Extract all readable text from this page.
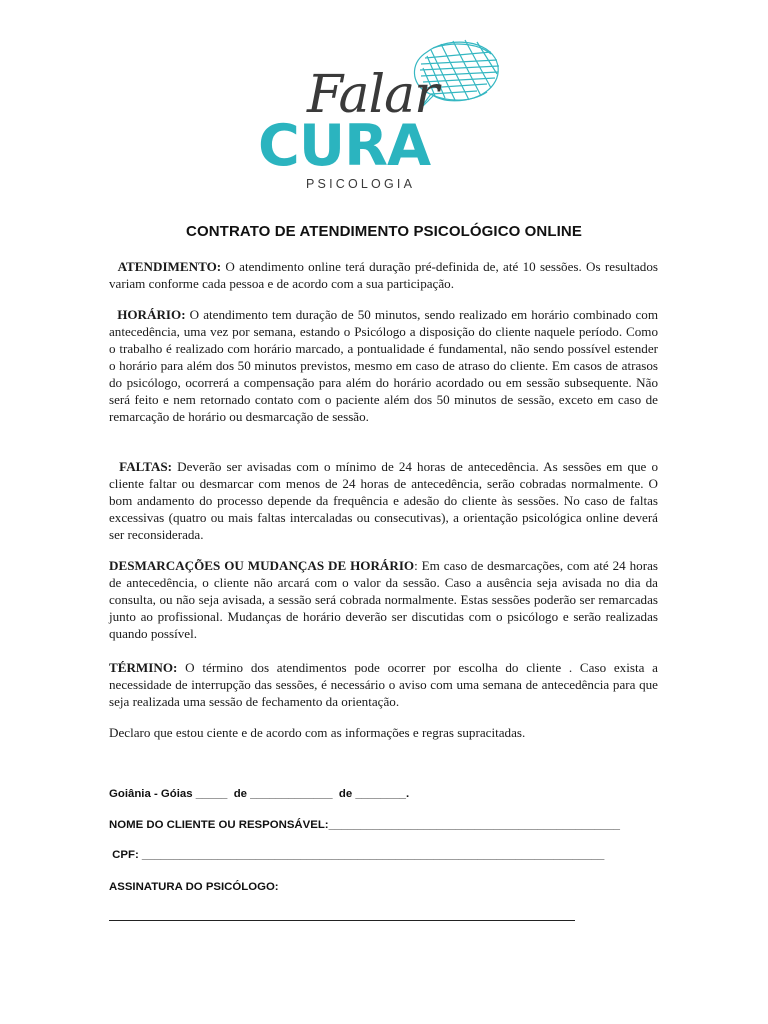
Falar
CURA
PSICOLOGIA
CONTRATO DE ATENDIMENTO PSICOLÓGICO ONLINE

ATENDIMENTO: O atendimento online terá duração pré-definida de, até 10 sessões. Os resultados variam conforme cada pessoa e de acordo com a sua participação.

HORÁRIO: O atendimento tem duração de 50 minutos, sendo realizado em horário combinado com antecedência, uma vez por semana, estando o Psicólogo a disposição do cliente naquele período. Como o trabalho é realizado com horário marcado, a pontualidade é fundamental, não sendo possível estender o horário para além dos 50 minutos previstos, mesmo em caso de atraso do cliente. Em casos de atrasos do psicólogo, ocorrerá a compensação para além do horário acordado ou em sessão subsequente. Não será feito e nem retornado contato com o paciente além dos 50 minutos de sessão, exceto em caso de remarcação de horário ou desmarcação de sessão.

FALTAS: Deverão ser avisadas com o mínimo de 24 horas de antecedência. As sessões em que o cliente faltar ou desmarcar com menos de 24 horas de antecedência, serão cobradas normalmente. O bom andamento do processo depende da frequência e adesão do cliente às sessões. No caso de faltas excessivas (quatro ou mais faltas intercaladas ou consecutivas), a orientação psicológica online deverá ser reconsiderada.

DESMARCAÇÕES OU MUDANÇAS DE HORÁRIO: Em caso de desmarcações, com até 24 horas de antecedência, o cliente não arcará com o valor da sessão. Caso a ausência seja avisada no dia da consulta, ou não seja avisada, a sessão será cobrada normalmente. Estas sessões poderão ser remarcadas junto ao profissional. Mudanças de horário deverão ser discutidas com o psicólogo e serão realizadas quando possível.

TÉRMINO: O término dos atendimentos pode ocorrer por escolha do cliente . Caso exista a necessidade de interrupção das sessões, é necessário o aviso com uma semana de antecedência para que seja realizada uma sessão de fechamento da orientação.

Declaro que estou ciente e de acordo com as informações e regras supracitadas.

Goiânia - Góias _____  de _____________  de ________.
NOME DO CLIENTE OU RESPONSÁVEL:______________________________________________
CPF: _________________________________________________________________________
ASSINATURA DO PSICÓLOGO:
